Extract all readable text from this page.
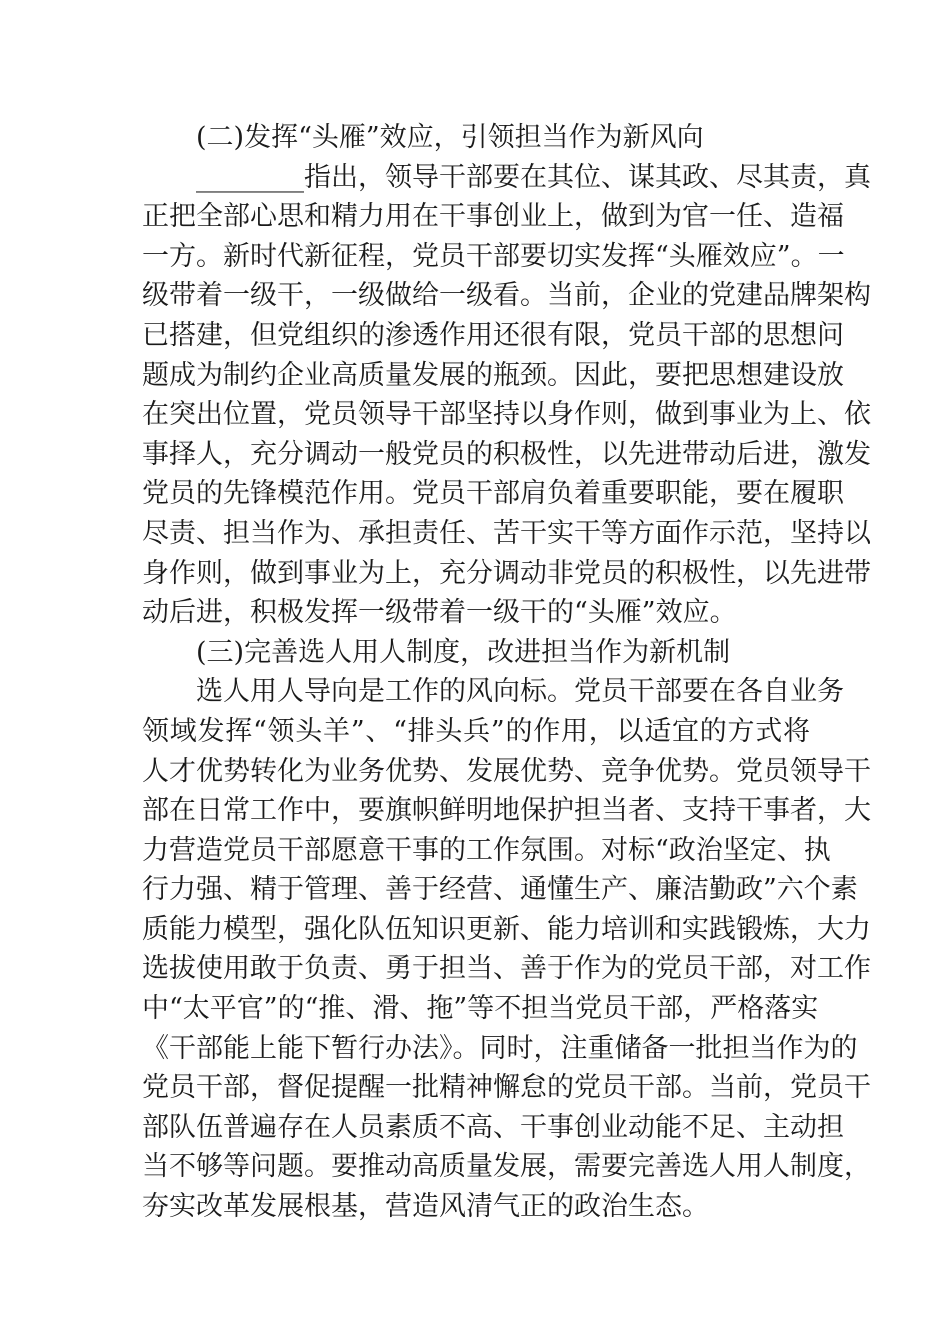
(二)发挥“头雁”效应，引领担当作为新风向
________指出，领导干部要在其位、谋其政、尽其责，真
正把全部心思和精力用在干事创业上，做到为官一任、造福
一方。新时代新征程，党员干部要切实发挥“头雁效应”。一
级带着一级干，一级做给一级看。当前，企业的党建品牌架构
已搭建，但党组织的渗透作用还很有限，党员干部的思想问
题成为制约企业高质量发展的瓶颈。因此，要把思想建设放
在突出位置，党员领导干部坚持以身作则，做到事业为上、依
事择人，充分调动一般党员的积极性，以先进带动后进，激发
党员的先锋模范作用。党员干部肩负着重要职能，要在履职
尽责、担当作为、承担责任、苦干实干等方面作示范，坚持以
身作则，做到事业为上，充分调动非党员的积极性，以先进带
动后进，积极发挥一级带着一级干的“头雁”效应。
(三)完善选人用人制度，改进担当作为新机制
选人用人导向是工作的风向标。党员干部要在各自业务
领域发挥“领头羊”、“排头兵”的作用，以适宜的方式将
人才优势转化为业务优势、发展优势、竞争优势。党员领导干
部在日常工作中，要旗帜鲜明地保护担当者、支持干事者，大
力营造党员干部愿意干事的工作氛围。对标“政治坚定、执
行力强、精于管理、善于经营、通懂生产、廉洁勤政”六个素
质能力模型，强化队伍知识更新、能力培训和实践锻炼，大力
选拔使用敢于负责、勇于担当、善于作为的党员干部，对工作
中“太平官”的“推、滑、拖”等不担当党员干部，严格落实
《干部能上能下暂行办法》。同时，注重储备一批担当作为的
党员干部，督促提醒一批精神懈怠的党员干部。当前，党员干
部队伍普遍存在人员素质不高、干事创业动能不足、主动担
当不够等问题。要推动高质量发展，需要完善选人用人制度，
夯实改革发展根基，营造风清气正的政治生态。
